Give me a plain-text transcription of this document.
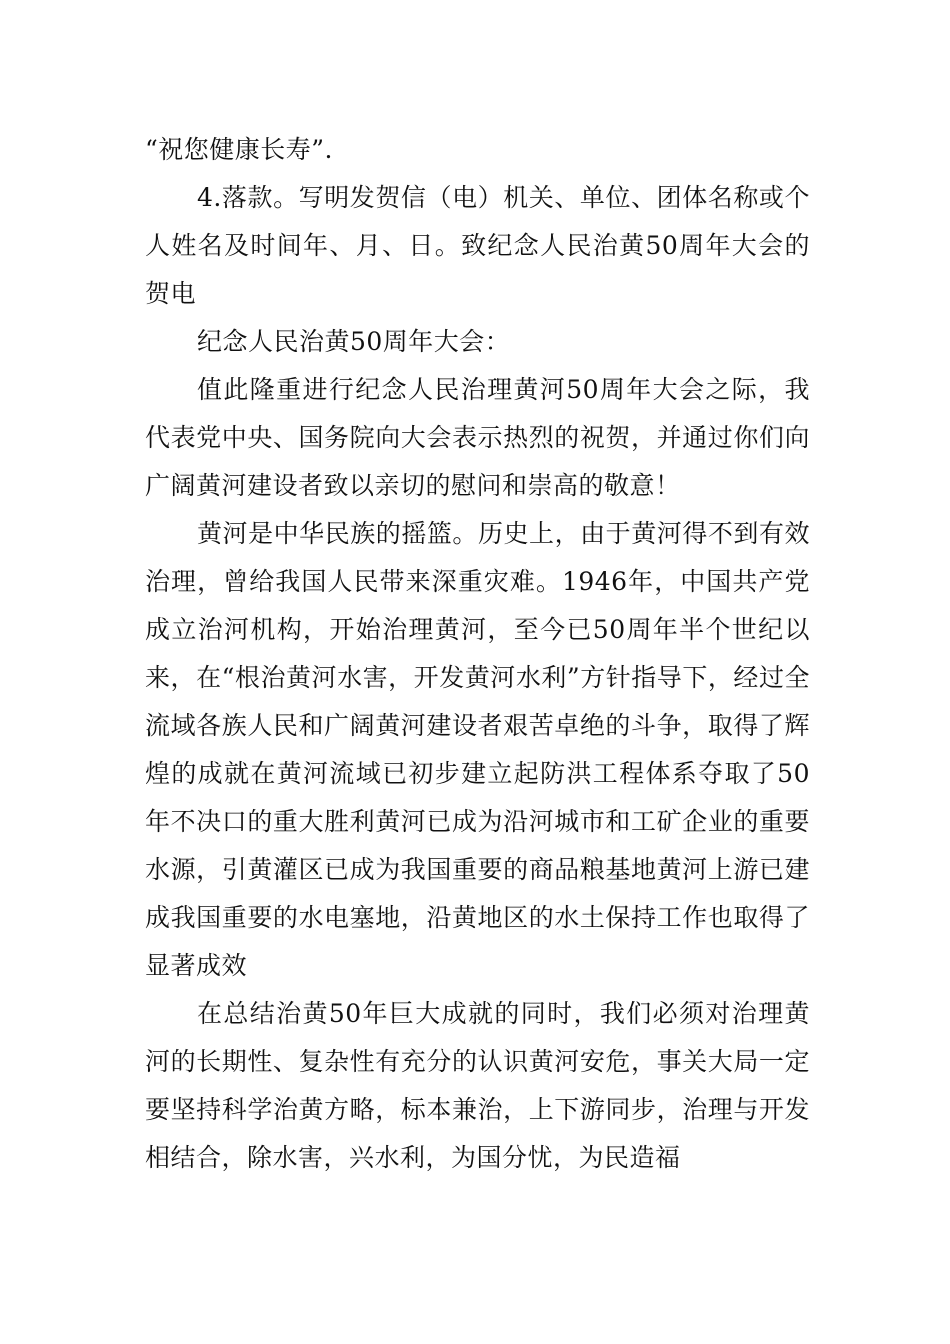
“祝您健康长寿”.

4.落款。写明发贺信（电）机关、单位、团体名称或个人姓名及时间年、月、日。致纪念人民治黄50周年大会的贺电

纪念人民治黄50周年大会：

值此隆重进行纪念人民治理黄河50周年大会之际，我代表党中央、国务院向大会表示热烈的祝贺，并通过你们向广阔黄河建设者致以亲切的慰问和崇高的敬意！

黄河是中华民族的摇篮。历史上，由于黄河得不到有效治理，曾给我国人民带来深重灾难。1946年，中国共产党成立治河机构，开始治理黄河，至今已50周年半个世纪以来，在“根治黄河水害，开发黄河水利”方针指导下，经过全流域各族人民和广阔黄河建设者艰苦卓绝的斗争，取得了辉煌的成就在黄河流域已初步建立起防洪工程体系夺取了50年不决口的重大胜利黄河已成为沿河城市和工矿企业的重要水源，引黄灌区已成为我国重要的商品粮基地黄河上游已建成我国重要的水电塞地，沿黄地区的水土保持工作也取得了显著成效

在总结治黄50年巨大成就的同时，我们必须对治理黄河的长期性、复杂性有充分的认识黄河安危，事关大局一定要坚持科学治黄方略，标本兼治，上下游同步，治理与开发相结合，除水害，兴水利，为国分忧，为民造福
